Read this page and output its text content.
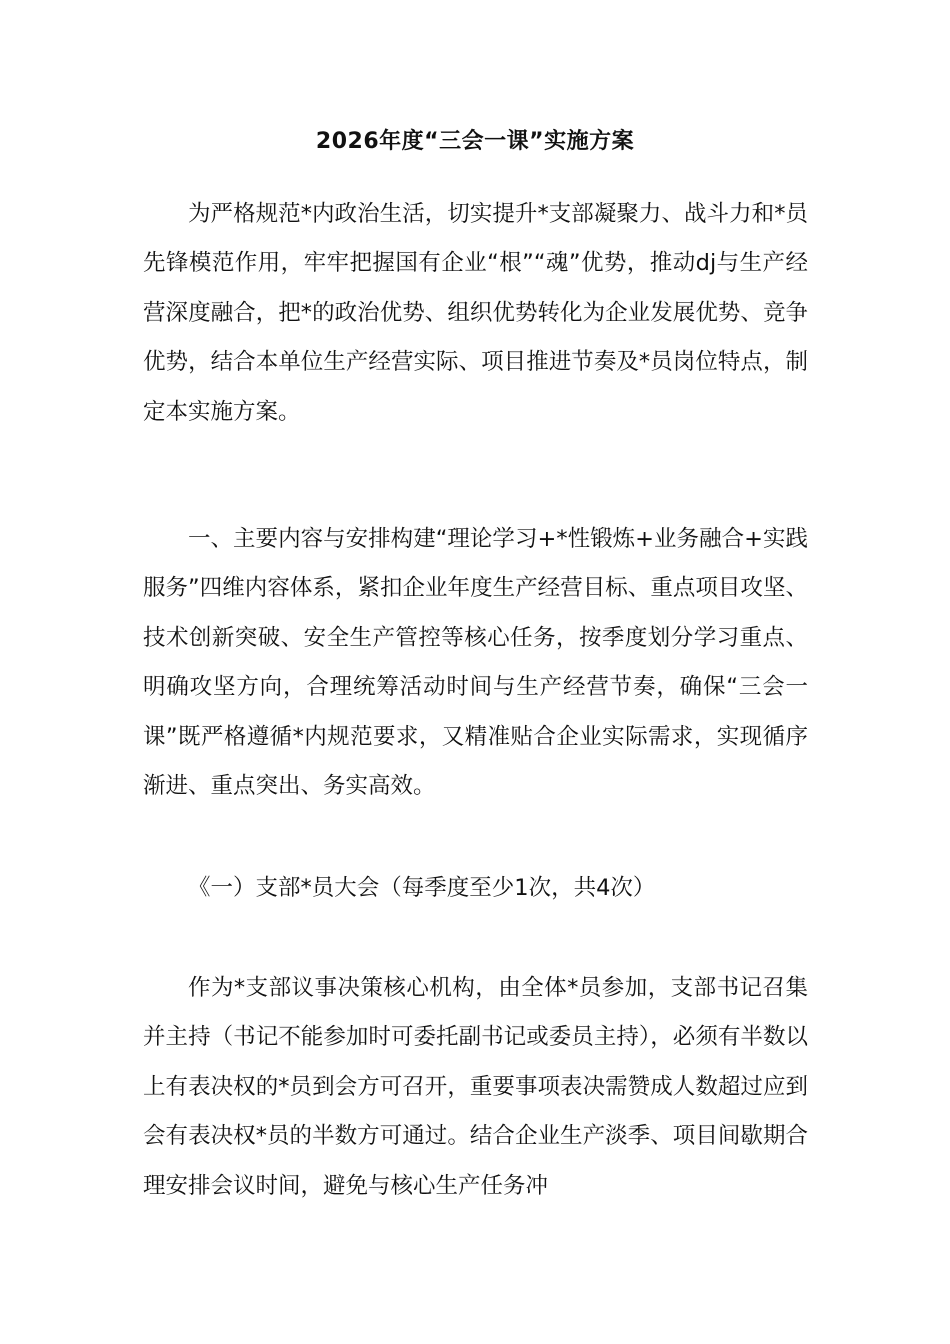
2026年度“三会一课”实施方案

为严格规范*内政治生活，切实提升*支部凝聚力、战斗力和*员先锋模范作用，牢牢把握国有企业“根”“魂”优势，推动dj与生产经营深度融合，把*的政治优势、组织优势转化为企业发展优势、竞争优势，结合本单位生产经营实际、项目推进节奏及*员岗位特点，制定本实施方案。

一、主要内容与安排构建“理论学习+*性锻炼+业务融合+实践服务”四维内容体系，紧扣企业年度生产经营目标、重点项目攻坚、技术创新突破、安全生产管控等核心任务，按季度划分学习重点、明确攻坚方向，合理统筹活动时间与生产经营节奏，确保“三会一课”既严格遵循*内规范要求，又精准贴合企业实际需求，实现循序渐进、重点突出、务实高效。

《一）支部*员大会（每季度至少1次，共4次）

作为*支部议事决策核心机构，由全体*员参加，支部书记召集并主持（书记不能参加时可委托副书记或委员主持），必须有半数以上有表决权的*员到会方可召开，重要事项表决需赞成人数超过应到会有表决权*员的半数方可通过。结合企业生产淡季、项目间歇期合理安排会议时间，避免与核心生产任务冲
